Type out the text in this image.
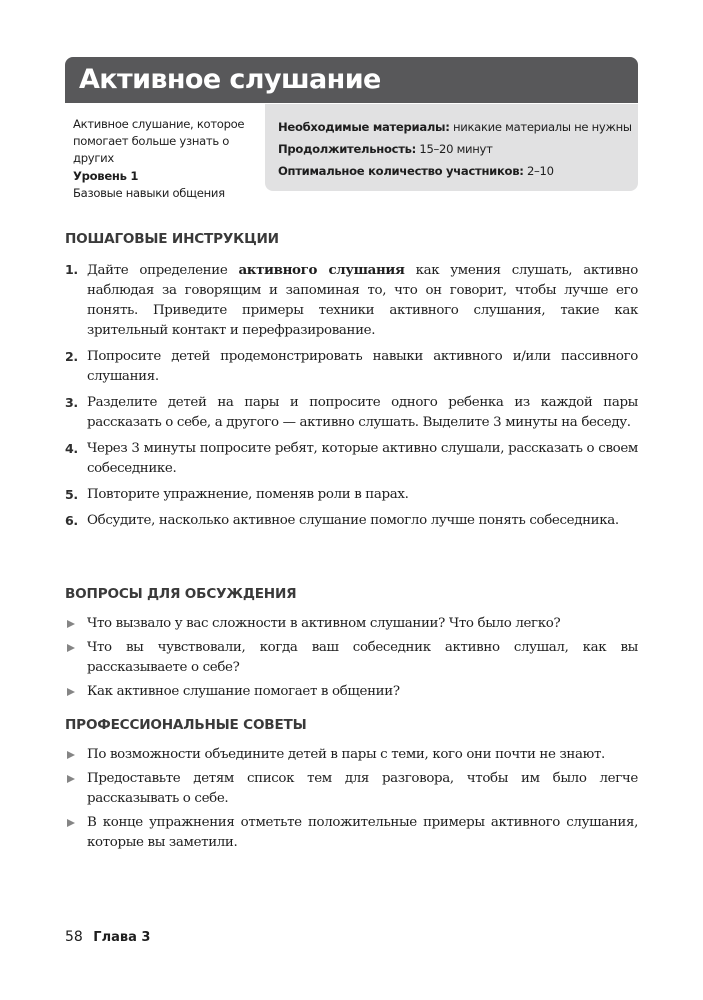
Активное слушание
Активное слушание, которое помогает больше узнать о других
Уровень 1
Базовые навыки общения
Необходимые материалы: никакие материалы не нужны
Продолжительность: 15–20 минут
Оптимальное количество участников: 2–10
ПОШАГОВЫЕ ИНСТРУКЦИИ
1. Дайте определение активного слушания как умения слушать, активно наблюдая за говорящим и запоминая то, что он говорит, чтобы лучше его понять. Приведите примеры техники активного слушания, такие как зрительный контакт и перефразирование.
2. Попросите детей продемонстрировать навыки активного и/или пассивного слушания.
3. Разделите детей на пары и попросите одного ребенка из каждой пары рассказать о себе, а другого — активно слушать. Выделите 3 минуты на беседу.
4. Через 3 минуты попросите ребят, которые активно слушали, рассказать о своем собеседнике.
5. Повторите упражнение, поменяв роли в парах.
6. Обсудите, насколько активное слушание помогло лучше понять собеседника.
ВОПРОСЫ ДЛЯ ОБСУЖДЕНИЯ
Что вызвало у вас сложности в активном слушании? Что было легко?
Что вы чувствовали, когда ваш собеседник активно слушал, как вы рассказываете о себе?
Как активное слушание помогает в общении?
ПРОФЕССИОНАЛЬНЫЕ СОВЕТЫ
По возможности объедините детей в пары с теми, кого они почти не знают.
Предоставьте детям список тем для разговора, чтобы им было легче рассказывать о себе.
В конце упражнения отметьте положительные примеры активного слушания, которые вы заметили.
58 Глава 3
